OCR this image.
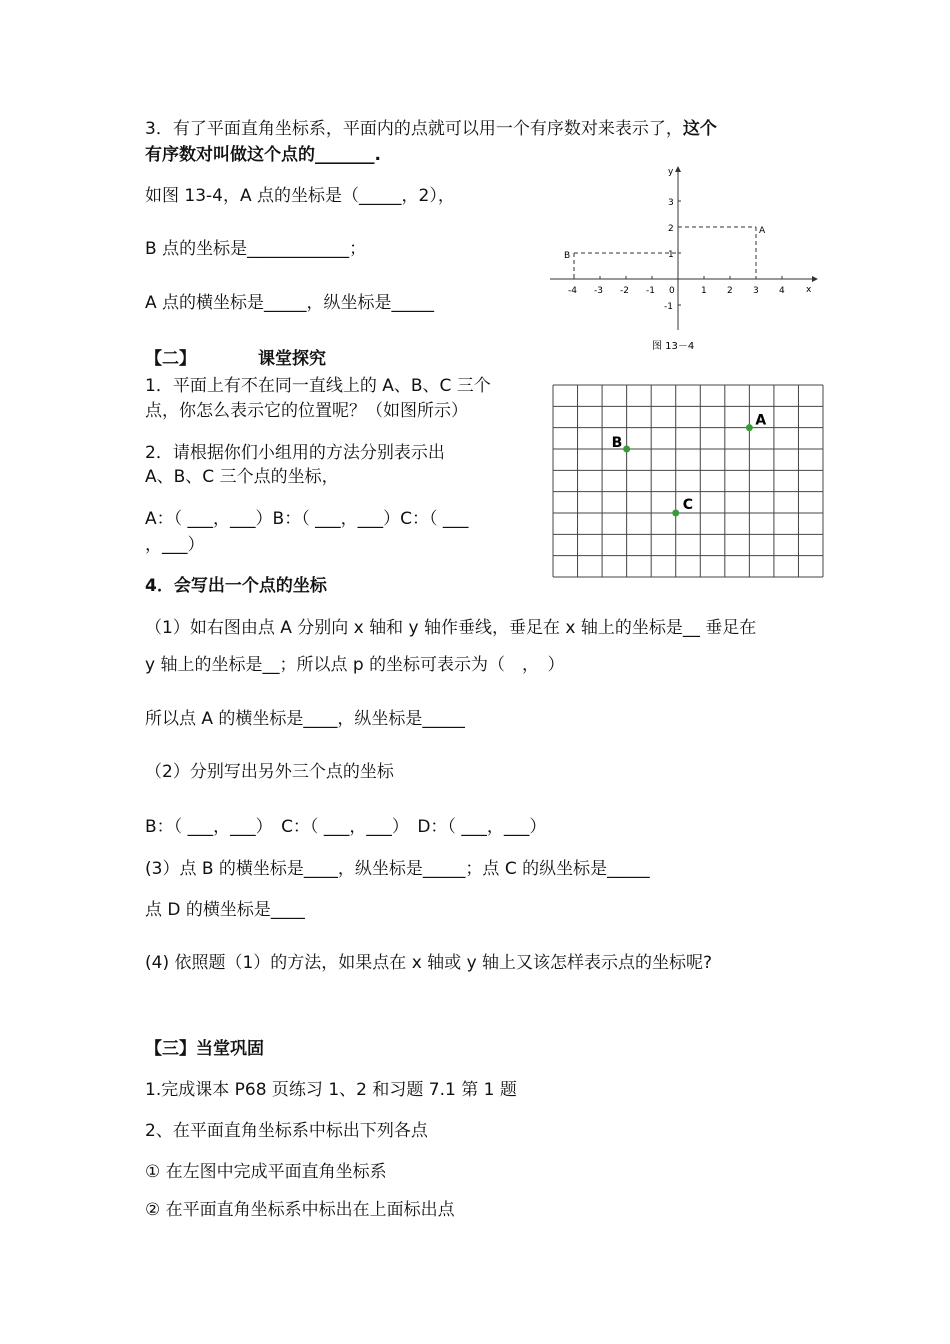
3．有了平面直角坐标系，平面内的点就可以用一个有序数对来表示了，这个
有序数对叫做这个点的_______.
如图 13-4，A 点的坐标是（_____，2），
B 点的坐标是____________；
A 点的横坐标是_____，纵坐标是_____
x
y
-4 -3 -2 -1 0	1 2 3 4
3
2
1
-1
A
B
图 13－4
【二】	课堂探究
1．平面上有不在同一直线上的 A、B、C 三个
点，你怎么表示它的位置呢？（如图所示）
2．请根据你们小组用的方法分别表示出
A、B、C 三个点的坐标，
A：（ ___，___）B：（ ___，___）C：（ ___
，___）
A
B
C
4．会写出一个点的坐标
（1）如右图由点 A 分别向 x 轴和 y 轴作垂线，垂足在 x 轴上的坐标是__ 垂足在
y 轴上的坐标是__；所以点 p 的坐标可表示为（　，　）
所以点 A 的横坐标是____，纵坐标是_____
（2）分别写出另外三个点的坐标
B：（ ___，___）　C：（ ___，___）　D：（ ___，___）
(3）点 B 的横坐标是____，纵坐标是_____；点 C 的纵坐标是_____
点 D 的横坐标是____
(4) 依照题（1）的方法，如果点在 x 轴或 y 轴上又该怎样表示点的坐标呢?
【三】当堂巩固
1.完成课本 P68 页练习 1、2 和习题 7.1 第 1 题
2、在平面直角坐标系中标出下列各点
① 在左图中完成平面直角坐标系
② 在平面直角坐标系中标出在上面标出点
